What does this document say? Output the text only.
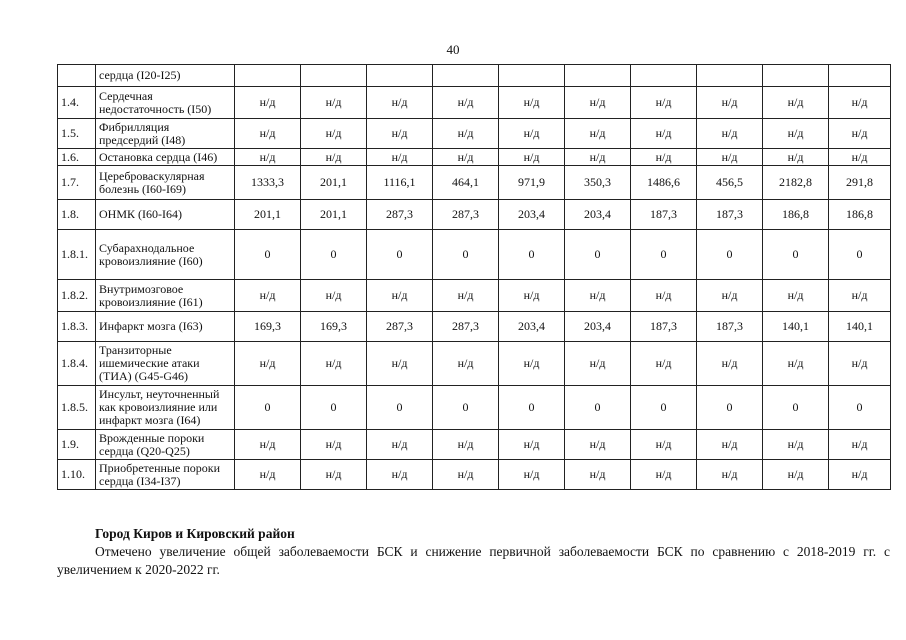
40
	сердца (I20-I25)										
1.4.	Сердечная недостаточность (I50)	н/д	н/д	н/д	н/д	н/д	н/д	н/д	н/д	н/д	н/д
1.5.	Фибрилляция предсердий (I48)	н/д	н/д	н/д	н/д	н/д	н/д	н/д	н/д	н/д	н/д
1.6.	Остановка сердца (I46)	н/д	н/д	н/д	н/д	н/д	н/д	н/д	н/д	н/д	н/д
1.7.	Цереброваскулярная болезнь (I60-I69)	1333,3	201,1	1116,1	464,1	971,9	350,3	1486,6	456,5	2182,8	291,8
1.8.	ОНМК (I60-I64)	201,1	201,1	287,3	287,3	203,4	203,4	187,3	187,3	186,8	186,8
1.8.1.	Субарахнодальное кровоизлияние (I60)	0	0	0	0	0	0	0	0	0	0
1.8.2.	Внутримозговое кровоизлияние (I61)	н/д	н/д	н/д	н/д	н/д	н/д	н/д	н/д	н/д	н/д
1.8.3.	Инфаркт мозга (I63)	169,3	169,3	287,3	287,3	203,4	203,4	187,3	187,3	140,1	140,1
1.8.4.	Транзиторные ишемические атаки (ТИА) (G45-G46)	н/д	н/д	н/д	н/д	н/д	н/д	н/д	н/д	н/д	н/д
1.8.5.	Инсульт, неуточненный как кровоизлияние или инфаркт мозга (I64)	0	0	0	0	0	0	0	0	0	0
1.9.	Врожденные пороки сердца (Q20-Q25)	н/д	н/д	н/д	н/д	н/д	н/д	н/д	н/д	н/д	н/д
1.10.	Приобретенные пороки сердца (I34-I37)	н/д	н/д	н/д	н/д	н/д	н/д	н/д	н/д	н/д	н/д
Город Киров и Кировский район
Отмечено увеличение общей заболеваемости БСК и снижение первичной заболеваемости БСК по сравнению с 2018-2019 гг. с увеличением к 2020-2022 гг.
